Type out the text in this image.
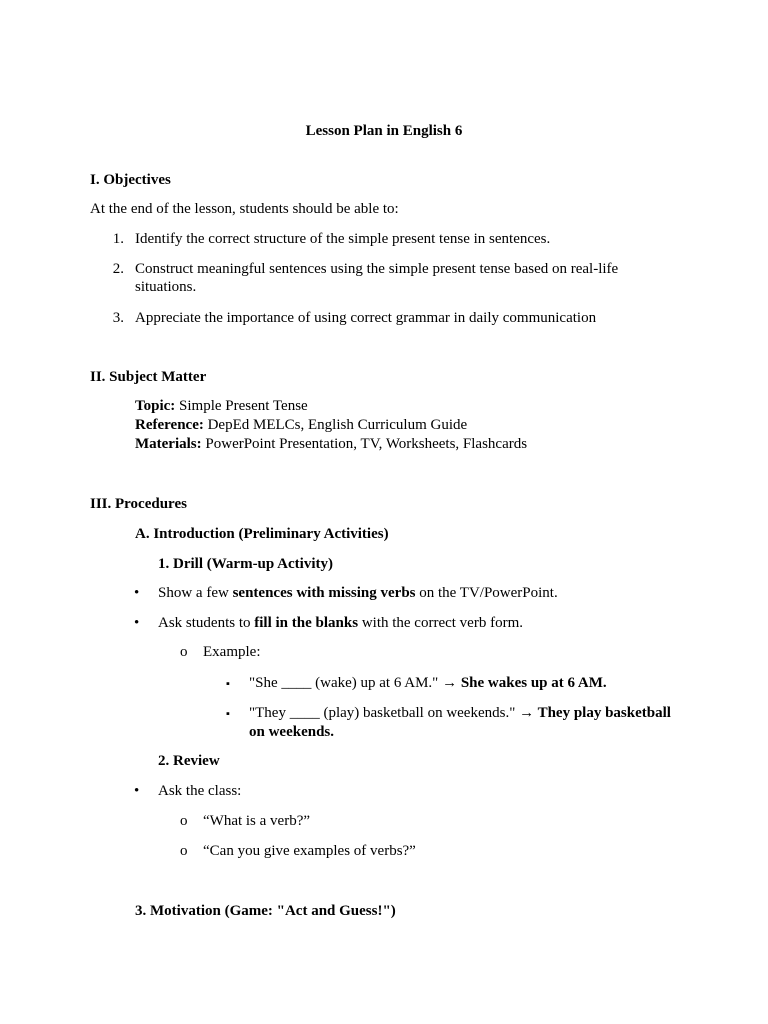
Lesson Plan in English 6
I. Objectives
At the end of the lesson, students should be able to:
1. Identify the correct structure of the simple present tense in sentences.
2. Construct meaningful sentences using the simple present tense based on real-life
situations.
3. Appreciate the importance of using correct grammar in daily communication
II. Subject Matter
Topic: Simple Present Tense
Reference: DepEd MELCs, English Curriculum Guide
Materials: PowerPoint Presentation, TV, Worksheets, Flashcards
III. Procedures
A. Introduction (Preliminary Activities)
1. Drill (Warm-up Activity)
• Show a few sentences with missing verbs on the TV/PowerPoint.
• Ask students to fill in the blanks with the correct verb form.
o Example:
▪ "She ____ (wake) up at 6 AM." → She wakes up at 6 AM.
▪ "They ____ (play) basketball on weekends." → They play basketball
on weekends.
2. Review
• Ask the class:
o “What is a verb?”
o “Can you give examples of verbs?”
3. Motivation (Game: "Act and Guess!")
